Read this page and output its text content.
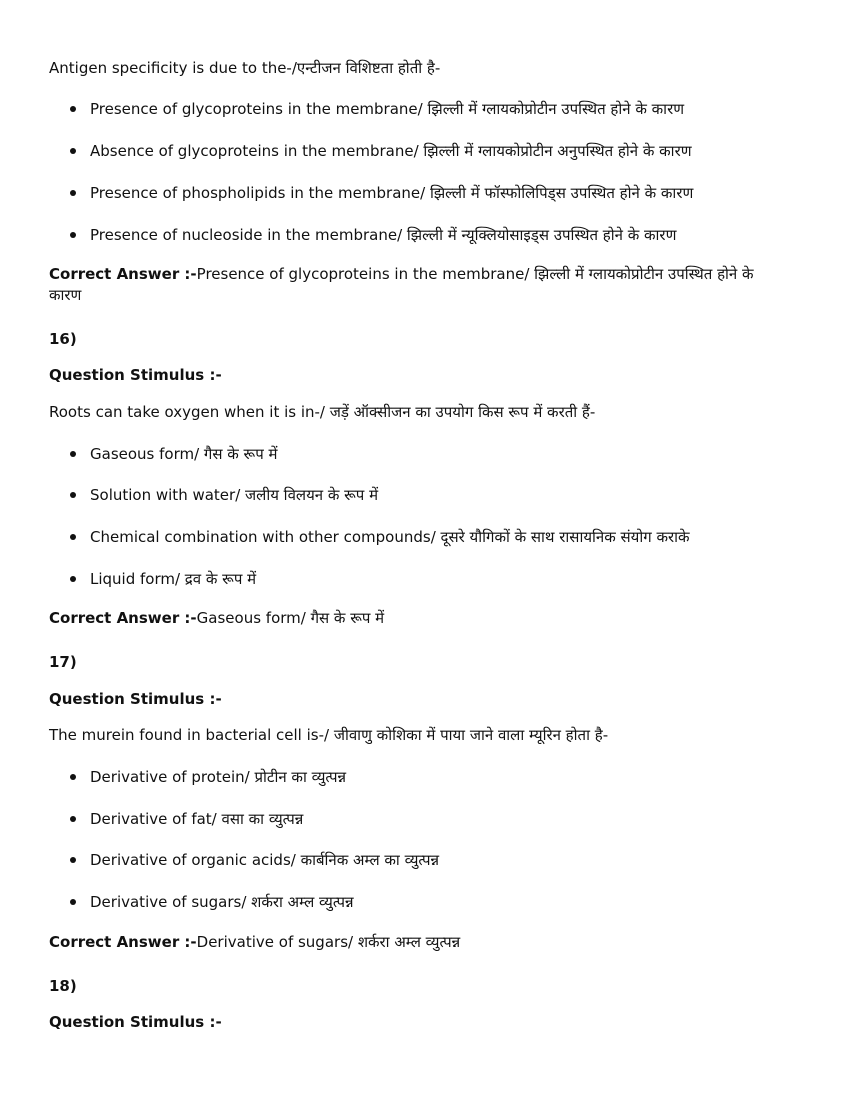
Antigen specificity is due to the-/एन्टीजन विशिष्टता होती है-
Presence of glycoproteins in the membrane/ झिल्ली में ग्लायकोप्रोटीन उपस्थित होने के कारण
Absence of glycoproteins in the membrane/ झिल्ली में ग्लायकोप्रोटीन अनुपस्थित होने के कारण
Presence of phospholipids in the membrane/ झिल्ली में फॉस्फोलिपिड्स उपस्थित होने के कारण
Presence of nucleoside in the membrane/ झिल्ली में न्यूक्लियोसाइड्स उपस्थित होने के कारण
Correct Answer :-Presence of glycoproteins in the membrane/ झिल्ली में ग्लायकोप्रोटीन उपस्थित होने के कारण
16)
Question Stimulus :-
Roots can take oxygen when it is in-/ जड़ें ऑक्सीजन का उपयोग किस रूप में करती हैं-
Gaseous form/ गैस के रूप में
Solution with water/ जलीय विलयन के रूप में
Chemical combination with other compounds/ दूसरे यौगिकों के साथ रासायनिक संयोग कराके
Liquid form/ द्रव के रूप में
Correct Answer :-Gaseous form/ गैस के रूप में
17)
Question Stimulus :-
The murein found in bacterial cell is-/ जीवाणु कोशिका में पाया जाने वाला म्यूरिन होता है-
Derivative of protein/ प्रोटीन का व्युत्पन्न
Derivative of fat/ वसा का व्युत्पन्न
Derivative of organic acids/ कार्बनिक अम्ल का व्युत्पन्न
Derivative of sugars/ शर्करा अम्ल व्युत्पन्न
Correct Answer :-Derivative of sugars/ शर्करा अम्ल व्युत्पन्न
18)
Question Stimulus :-
